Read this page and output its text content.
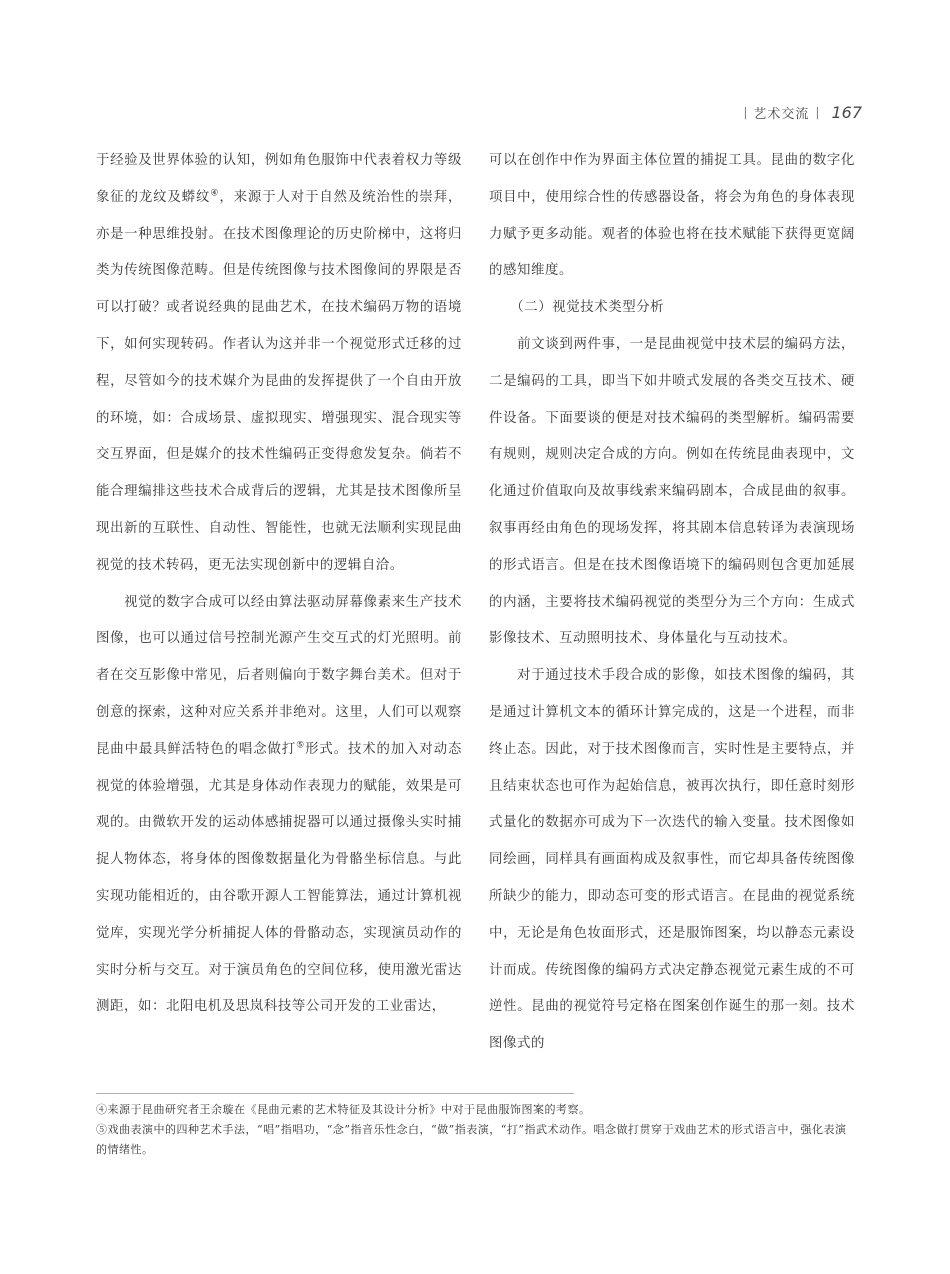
| 艺术交流 | 167

于经验及世界体验的认知，例如角色服饰中代表着权力等级象征的龙纹及蟒纹④，来源于人对于自然及统治性的崇拜，亦是一种思维投射。在技术图像理论的历史阶梯中，这将归类为传统图像范畴。但是传统图像与技术图像间的界限是否可以打破？或者说经典的昆曲艺术，在技术编码万物的语境下，如何实现转码。作者认为这并非一个视觉形式迁移的过程，尽管如今的技术媒介为昆曲的发挥提供了一个自由开放的环境，如：合成场景、虚拟现实、增强现实、混合现实等交互界面，但是媒介的技术性编码正变得愈发复杂。倘若不能合理编排这些技术合成背后的逻辑，尤其是技术图像所呈现出新的互联性、自动性、智能性，也就无法顺利实现昆曲视觉的技术转码，更无法实现创新中的逻辑自洽。

　　视觉的数字合成可以经由算法驱动屏幕像素来生产技术图像，也可以通过信号控制光源产生交互式的灯光照明。前者在交互影像中常见，后者则偏向于数字舞台美术。但对于创意的探索，这种对应关系并非绝对。这里，人们可以观察昆曲中最具鲜活特色的唱念做打⑤形式。技术的加入对动态视觉的体验增强，尤其是身体动作表现力的赋能，效果是可观的。由微软开发的运动体感捕捉器可以通过摄像头实时捕捉人物体态，将身体的图像数据量化为骨骼坐标信息。与此实现功能相近的，由谷歌开源人工智能算法，通过计算机视觉库，实现光学分析捕捉人体的骨骼动态，实现演员动作的实时分析与交互。对于演员角色的空间位移，使用激光雷达测距，如：北阳电机及思岚科技等公司开发的工业雷达，

可以在创作中作为界面主体位置的捕捉工具。昆曲的数字化项目中，使用综合性的传感器设备，将会为角色的身体表现力赋予更多动能。观者的体验也将在技术赋能下获得更宽阔的感知维度。

　　（二）视觉技术类型分析

　　前文谈到两件事，一是昆曲视觉中技术层的编码方法，二是编码的工具，即当下如井喷式发展的各类交互技术、硬件设备。下面要谈的便是对技术编码的类型解析。编码需要有规则，规则决定合成的方向。例如在传统昆曲表现中，文化通过价值取向及故事线索来编码剧本，合成昆曲的叙事。叙事再经由角色的现场发挥，将其剧本信息转译为表演现场的形式语言。但是在技术图像语境下的编码则包含更加延展的内涵，主要将技术编码视觉的类型分为三个方向：生成式影像技术、互动照明技术、身体量化与互动技术。

　　对于通过技术手段合成的影像，如技术图像的编码，其是通过计算机文本的循环计算完成的，这是一个进程，而非终止态。因此，对于技术图像而言，实时性是主要特点，并且结束状态也可作为起始信息，被再次执行，即任意时刻形式量化的数据亦可成为下一次迭代的输入变量。技术图像如同绘画，同样具有画面构成及叙事性，而它却具备传统图像所缺少的能力，即动态可变的形式语言。在昆曲的视觉系统中，无论是角色妆面形式，还是服饰图案，均以静态元素设计而成。传统图像的编码方式决定静态视觉元素生成的不可逆性。昆曲的视觉符号定格在图案创作诞生的那一刻。技术图像式的

④来源于昆曲研究者王余璇在《昆曲元素的艺术特征及其设计分析》中对于昆曲服饰图案的考察。

⑤戏曲表演中的四种艺术手法，“唱”指唱功，“念”指音乐性念白，“做”指表演，“打”指武术动作。唱念做打贯穿于戏曲艺术的形式语言中，强化表演的情绪性。
